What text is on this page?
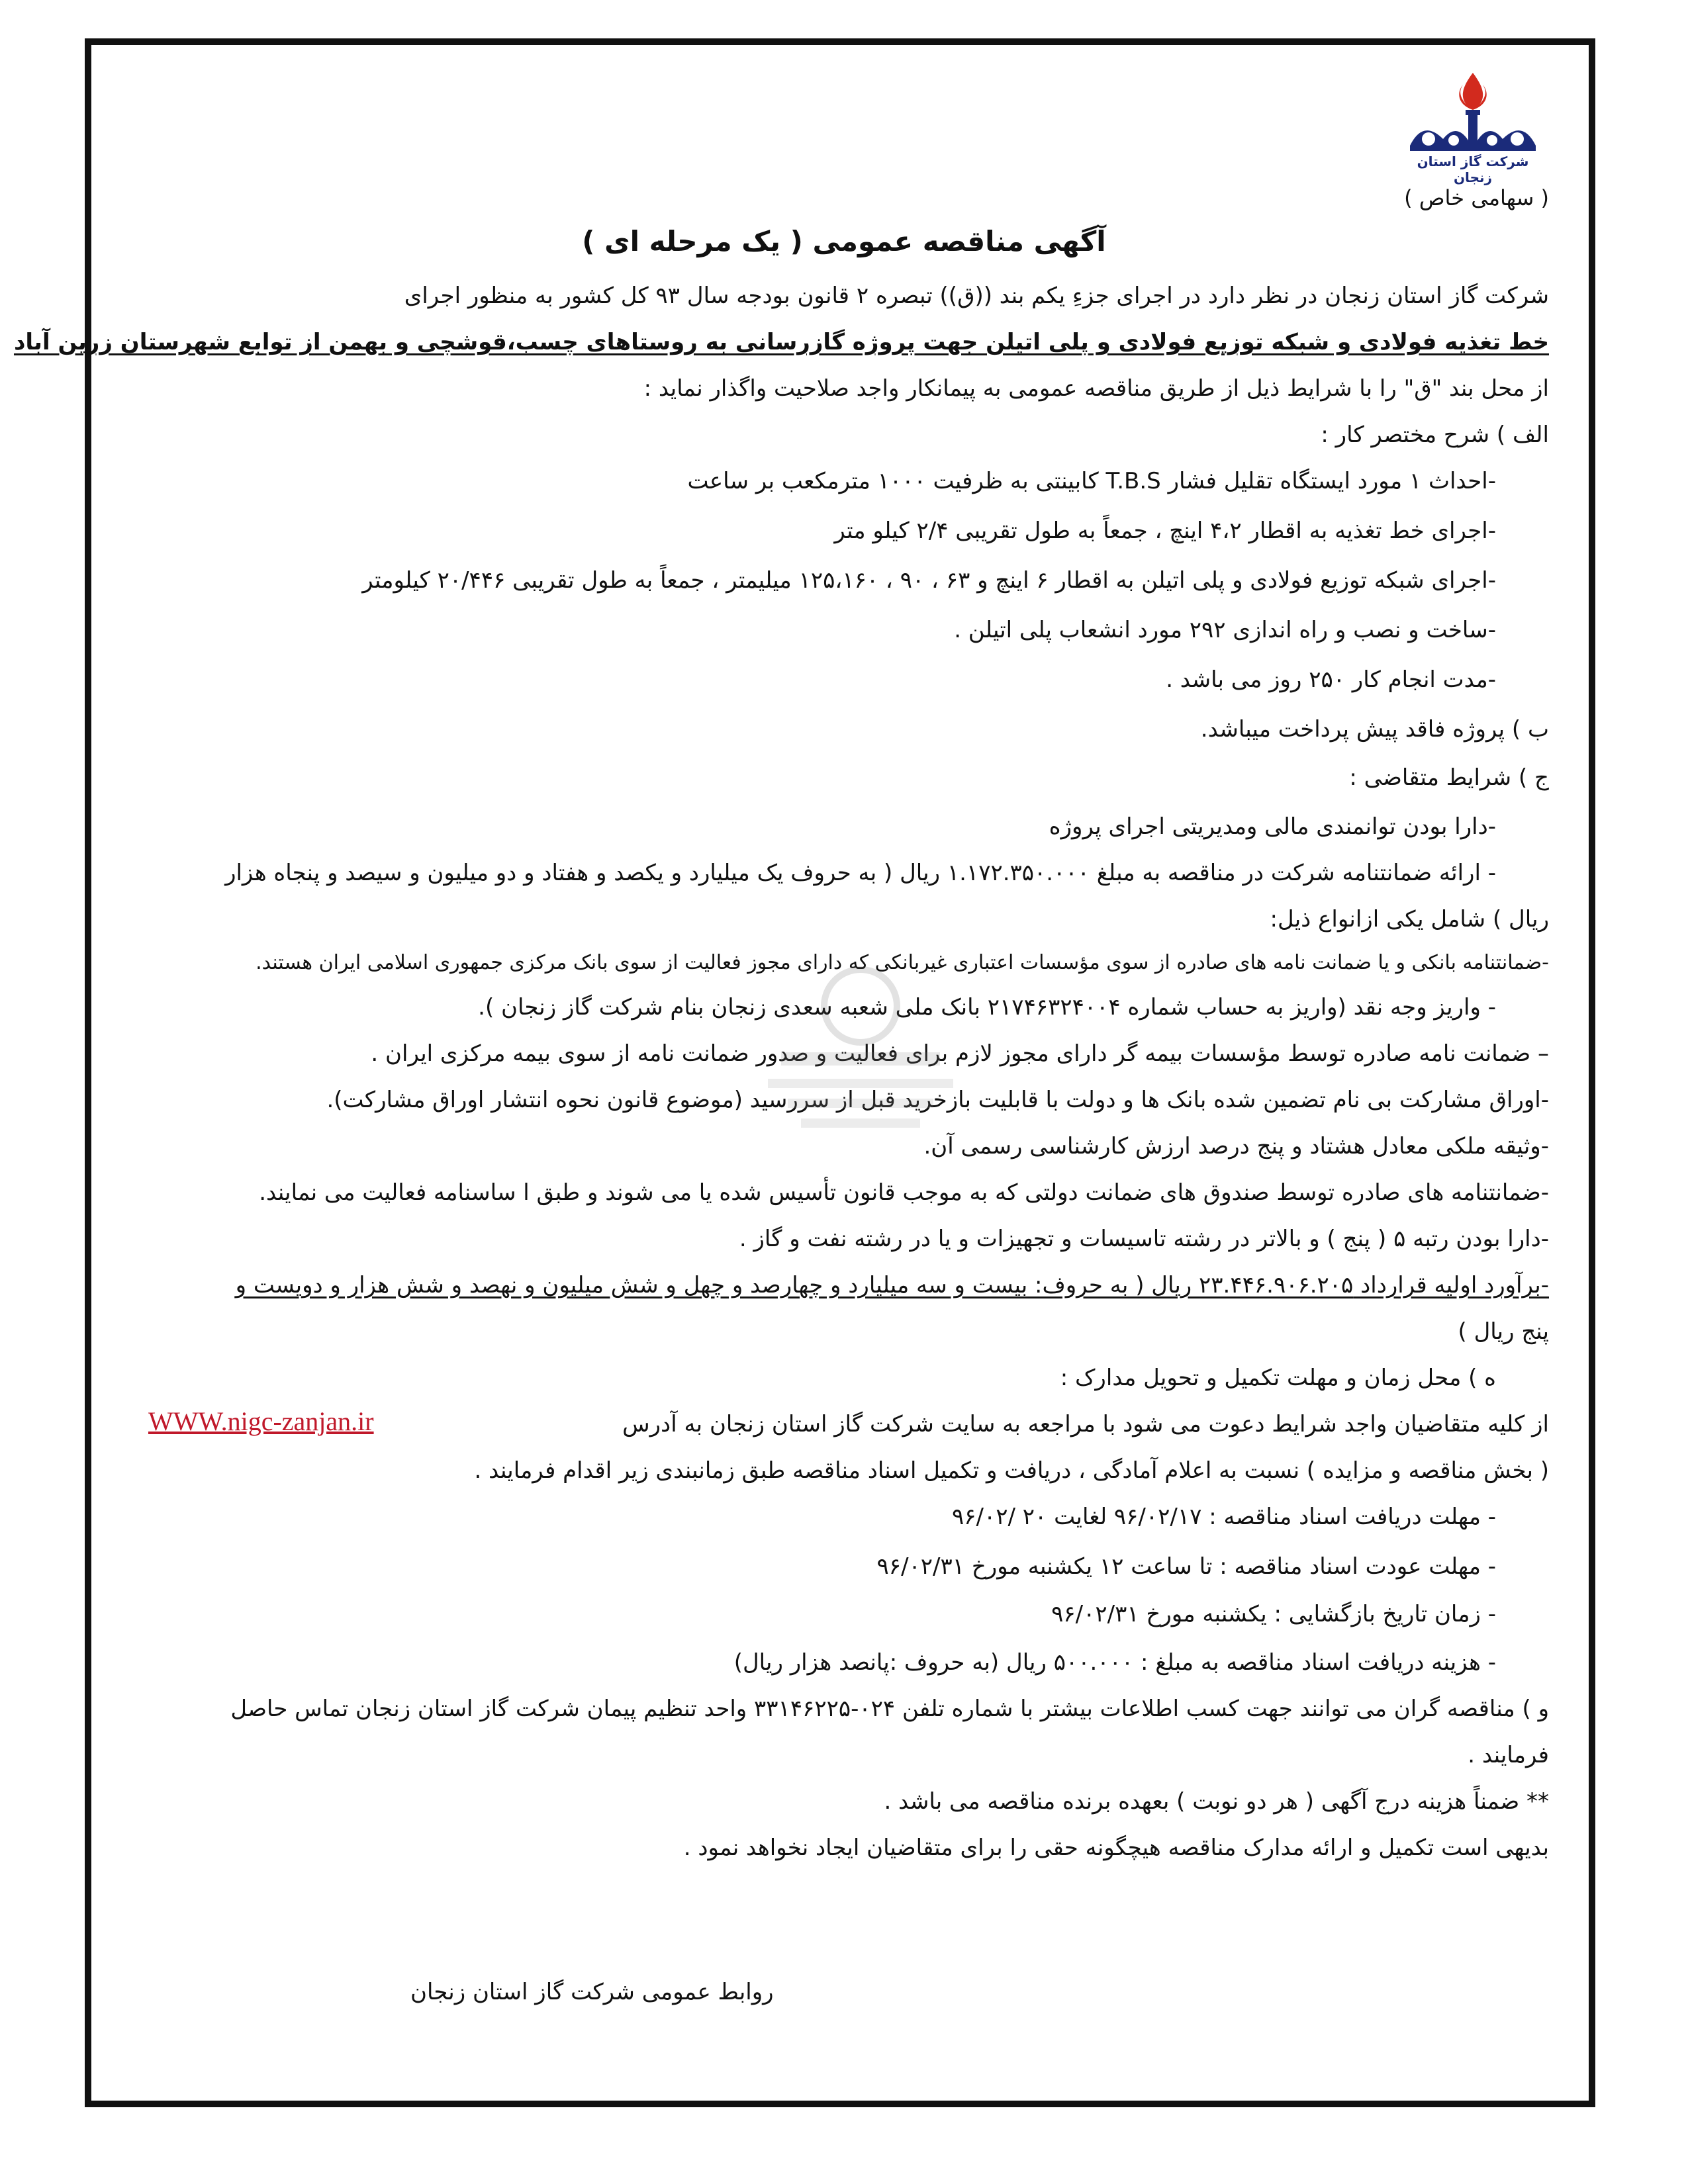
شرکت گاز استان زنجان
( سهامی خاص )
آگهی مناقصه عمومی ( یک مرحله ای )
شرکت گاز استان زنجان در نظر دارد در اجرای جزءِ یکم بند ((ق)) تبصره ۲ قانون بودجه سال ۹۳ کل کشور به منظور اجرای
خط تغذیه فولادی و شبکه توزیع فولادی و پلی اتیلن جهت پروژه گازرسانی به روستاهای چسب،قوشچی و بهمن از توابع شهرستان زرین آباد
از محل بند "ق" را با شرایط ذیل از طریق مناقصه عمومی به پیمانکار واجد صلاحیت واگذار نماید :
الف ) شرح مختصر کار :
-احداث ۱ مورد ایستگاه تقلیل فشار T.B.S کابینتی به ظرفیت ۱۰۰۰ مترمکعب بر ساعت
-اجرای خط تغذیه به اقطار ۴،۲ اینچ ، جمعاً به طول تقریبی ۲/۴ کیلو متر
-اجرای شبکه توزیع فولادی و پلی اتیلن به اقطار ۶ اینچ و ۶۳ ، ۹۰ ، ۱۲۵،۱۶۰ میلیمتر ، جمعاً به طول تقریبی ۲۰/۴۴۶ کیلومتر
-ساخت و نصب و راه اندازی ۲۹۲ مورد انشعاب پلی اتیلن .
-مدت انجام کار ۲۵۰ روز می باشد .
ب ) پروژه فاقد پیش پرداخت میباشد.
ج ) شرایط متقاضی :
-دارا بودن توانمندی مالی ومدیریتی اجرای پروژه
- ارائه ضمانتنامه شرکت در مناقصه به مبلغ ۱.۱۷۲.۳۵۰.۰۰۰ ریال ( به حروف یک میلیارد و یکصد و هفتاد و دو میلیون و سیصد و پنجاه هزار
ریال ) شامل یکی ازانواع ذیل:
-ضمانتنامه بانکی و یا ضمانت نامه های صادره از سوی مؤسسات اعتباری غیربانکی که دارای مجوز فعالیت از سوی بانک مرکزی جمهوری اسلامی ایران هستند.
- واریز وجه نقد (واریز به حساب شماره ۲۱۷۴۶۳۲۴۰۰۴ بانک ملی شعبه سعدی زنجان بنام شرکت گاز زنجان ).
– ضمانت نامه صادره توسط مؤسسات بیمه گر دارای مجوز لازم برای فعالیت و صدور ضمانت نامه از سوی بیمه مرکزی ایران .
-اوراق مشارکت بی نام تضمین شده بانک ها و دولت با قابلیت بازخرید قبل از سررسید (موضوع قانون نحوه انتشار اوراق مشارکت).
-وثیقه ملکی معادل هشتاد و پنج درصد ارزش کارشناسی رسمی آن.
-ضمانتنامه های صادره توسط صندوق های ضمانت دولتی که به موجب قانون تأسیس شده یا می شوند و طبق ا ساسنامه فعالیت می نمایند.
-دارا بودن رتبه ۵ ( پنج ) و بالاتر در رشته تاسیسات و تجهیزات و یا در رشته نفت و گاز .
-برآورد اولیه قرارداد ۲۳.۴۴۶.۹۰۶.۲۰۵ ریال ( به حروف: بیست و سه میلیارد و چهارصد و چهل و شش میلیون و نهصد و شش هزار و دویست و
پنج ریال )
ه ) محل زمان و مهلت تکمیل و تحویل مدارک :
از کلیه متقاضیان واجد شرایط دعوت می شود با مراجعه به سایت شرکت گاز استان زنجان به آدرس
( بخش مناقصه و مزایده ) نسبت به اعلام آمادگی ، دریافت و تکمیل اسناد مناقصه طبق زمانبندی زیر اقدام فرمایند .
- مهلت دریافت اسناد مناقصه : ۹۶/۰۲/۱۷ لغایت ۲۰ /۹۶/۰۲
- مهلت عودت اسناد مناقصه : تا ساعت ۱۲ یکشنبه مورخ ۹۶/۰۲/۳۱
- زمان تاریخ بازگشایی : یکشنبه مورخ ۹۶/۰۲/۳۱
- هزینه دریافت اسناد مناقصه به مبلغ : ۵۰۰.۰۰۰ ریال (به حروف :پانصد هزار ریال)
و ) مناقصه گران می توانند جهت کسب اطلاعات بیشتر با شماره تلفن ۰۲۴-۳۳۱۴۶۲۲۵ واحد تنظیم پیمان شرکت گاز استان زنجان تماس حاصل
فرمایند .
** ضمناً هزینه درج آگهی ( هر دو نوبت ) بعهده برنده مناقصه می باشد .
بدیهی است تکمیل و ارائه مدارک مناقصه هیچگونه حقی را برای متقاضیان ایجاد نخواهد نمود .
WWW.nigc-zanjan.ir
روابط عمومی شرکت گاز استان زنجان
